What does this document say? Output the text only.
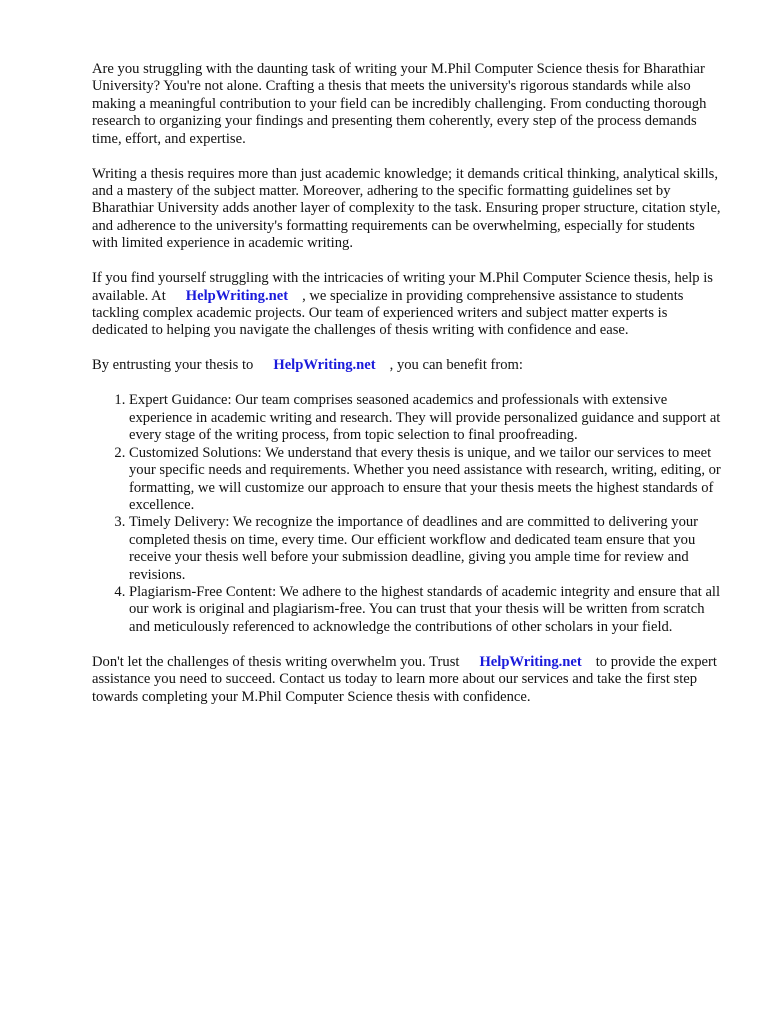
Are you struggling with the daunting task of writing your M.Phil Computer Science thesis for Bharathiar University? You're not alone. Crafting a thesis that meets the university's rigorous standards while also making a meaningful contribution to your field can be incredibly challenging. From conducting thorough research to organizing your findings and presenting them coherently, every step of the process demands time, effort, and expertise.

Writing a thesis requires more than just academic knowledge; it demands critical thinking, analytical skills, and a mastery of the subject matter. Moreover, adhering to the specific formatting guidelines set by Bharathiar University adds another layer of complexity to the task. Ensuring proper structure, citation style, and adherence to the university's formatting requirements can be overwhelming, especially for students with limited experience in academic writing.

If you find yourself struggling with the intricacies of writing your M.Phil Computer Science thesis, help is available. At HelpWriting.net , we specialize in providing comprehensive assistance to students tackling complex academic projects. Our team of experienced writers and subject matter experts is dedicated to helping you navigate the challenges of thesis writing with confidence and ease.

By entrusting your thesis to HelpWriting.net , you can benefit from:

1. Expert Guidance: Our team comprises seasoned academics and professionals with extensive experience in academic writing and research. They will provide personalized guidance and support at every stage of the writing process, from topic selection to final proofreading.
2. Customized Solutions: We understand that every thesis is unique, and we tailor our services to meet your specific needs and requirements. Whether you need assistance with research, writing, editing, or formatting, we will customize our approach to ensure that your thesis meets the highest standards of excellence.
3. Timely Delivery: We recognize the importance of deadlines and are committed to delivering your completed thesis on time, every time. Our efficient workflow and dedicated team ensure that you receive your thesis well before your submission deadline, giving you ample time for review and revisions.
4. Plagiarism-Free Content: We adhere to the highest standards of academic integrity and ensure that all our work is original and plagiarism-free. You can trust that your thesis will be written from scratch and meticulously referenced to acknowledge the contributions of other scholars in your field.

Don't let the challenges of thesis writing overwhelm you. Trust HelpWriting.net to provide the expert assistance you need to succeed. Contact us today to learn more about our services and take the first step towards completing your M.Phil Computer Science thesis with confidence.
